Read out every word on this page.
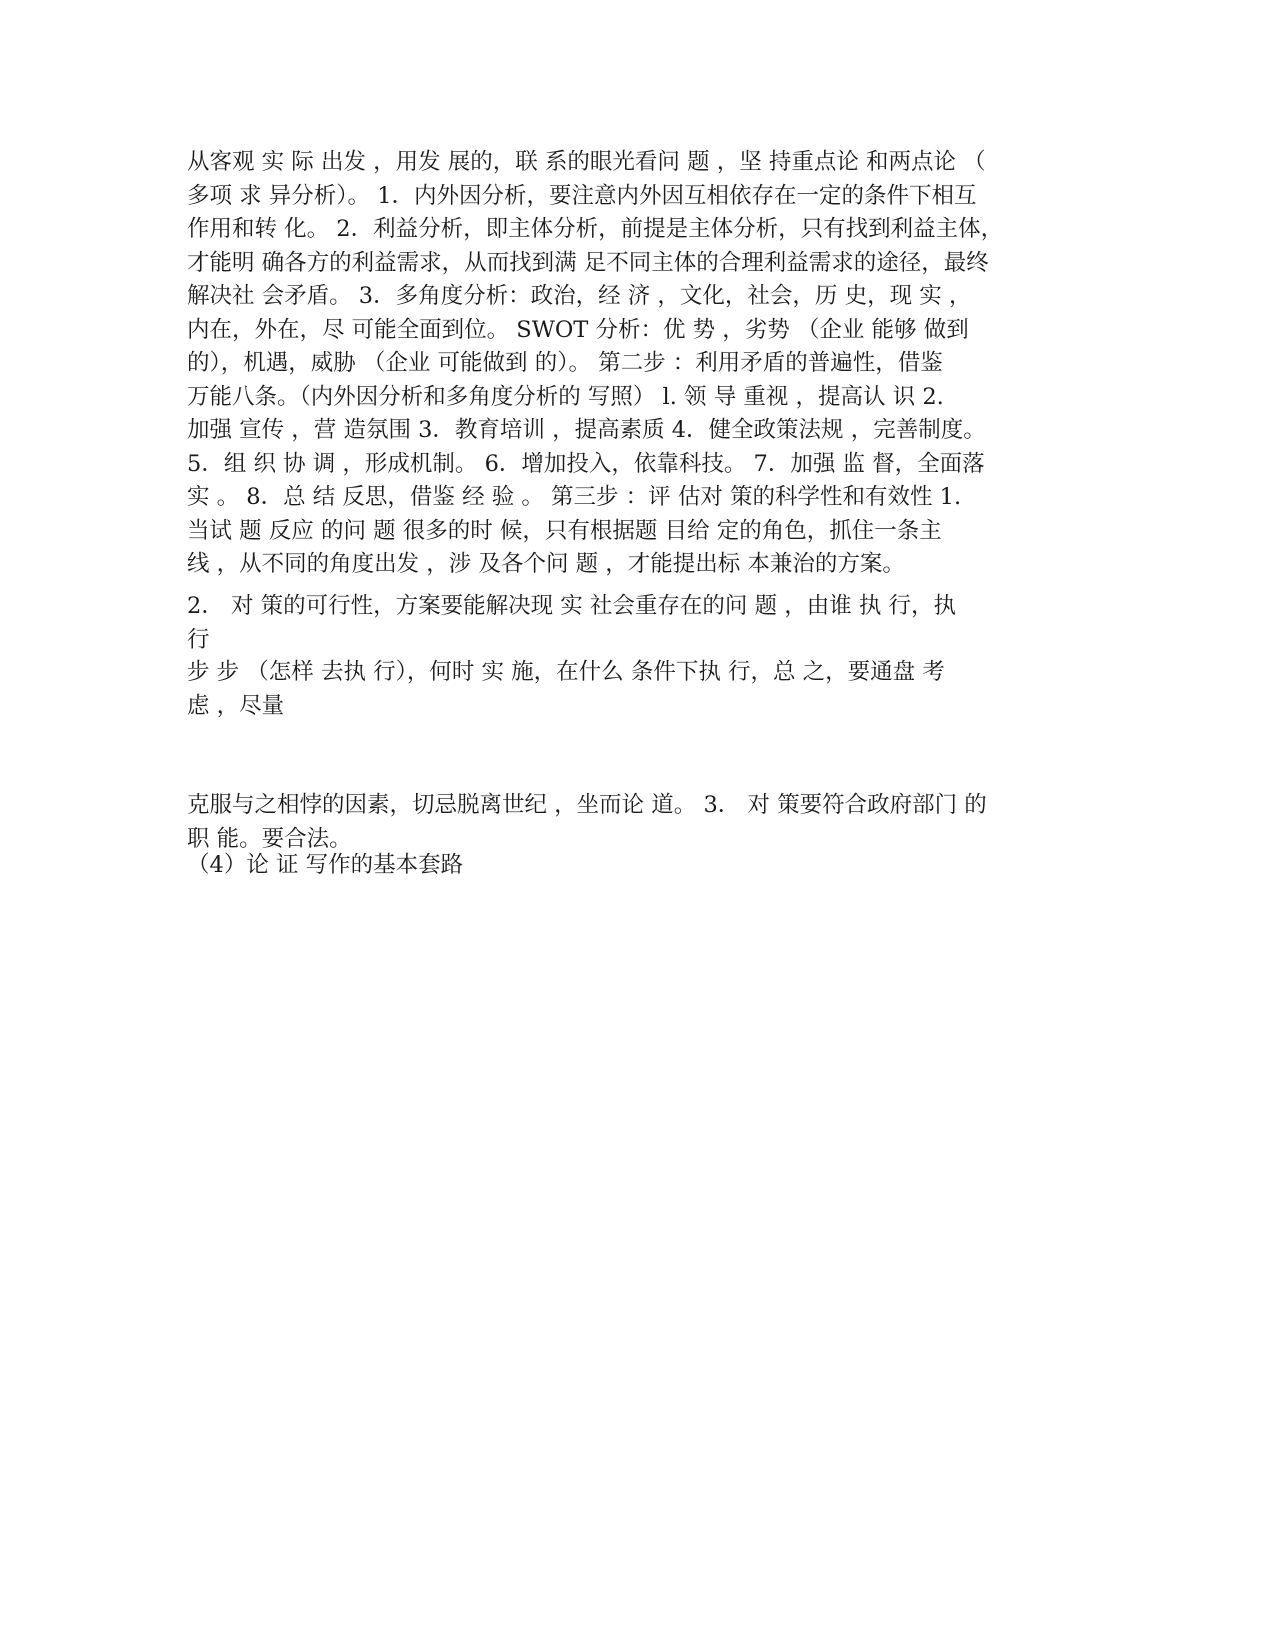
从客观 实 际 出发 ，用发 展的，联 系的眼光看问 题 ，坚 持重点论 和两点论 （
多项 求 异分析）。 1．内外因分析，要注意内外因互相依存在一定的条件下相互
作用和转 化。 2．利益分析，即主体分析，前提是主体分析，只有找到利益主体，
才能明 确各方的利益需求，从而找到满 足不同主体的合理利益需求的途径，最终
解决社 会矛盾。 3．多角度分析：政治，经 济 ，文化，社会，历 史，现 实 ，
内在，外在，尽 可能全面到位。 SWOT 分析：优 势 ，劣势 （企业 能够 做到
的），机遇，威胁 （企业 可能做到 的）。 第二步 ：利用矛盾的普遍性，借鉴
万能八条。（内外因分析和多角度分析的 写照） l. 领 导 重视 ，提高认 识 2.
加强 宣传 ，营 造氛围 3．教育培训 ，提高素质 4．健全政策法规 ，完善制度。
5．组 织 协 调 ，形成机制。 6．增加投入，依靠科技。 7．加强 监 督，全面落
实 。 8．总 结 反思，借鉴 经 验 。 第三步 ：评 估对 策的科学性和有效性 1.
当试 题 反应 的问 题 很多的时 候，只有根据题 目给 定的角色，抓住一条主
线 ，从不同的角度出发 ，涉 及各个问 题 ，才能提出标 本兼治的方案。
2． 对 策的可行性，方案要能解决现 实 社会重存在的问 题 ，由谁 执 行，执
行
步 步 （怎样 去执 行），何时 实 施，在什么 条件下执 行，总 之，要通盘 考
虑 ，尽量
克服与之相悖的因素，切忌脱离世纪 ，坐而论 道。 3． 对 策要符合政府部门 的
职 能。要合法。
（4）论 证 写作的基本套路
